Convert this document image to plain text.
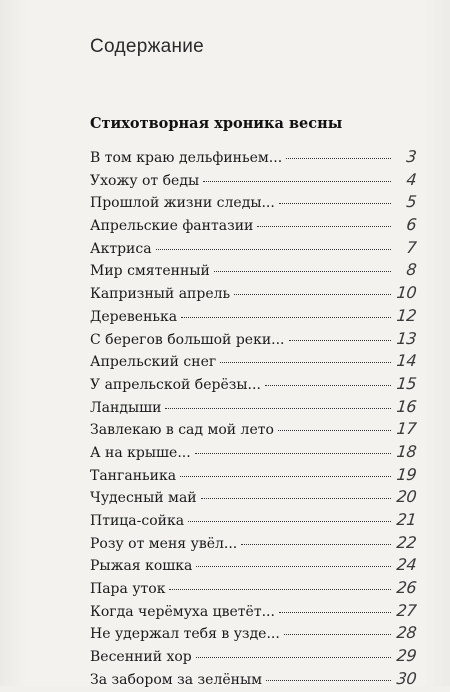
Содержание
Стихотворная хроника весны
В том краю дельфиньем...	3
Ухожу от беды	4
Прошлой жизни следы...	5
Апрельские фантазии	6
Актриса	7
Мир смятенный	8
Капризный апрель	10
Деревенька	12
С берегов большой реки...	13
Апрельский снег	14
У апрельской берёзы...	15
Ландыши	16
Завлекаю в сад мой лето	17
А на крыше...	18
Танганьика	19
Чудесный май	20
Птица-сойка	21
Розу от меня увёл...	22
Рыжая кошка	24
Пара уток	26
Когда черёмуха цветёт...	27
Не удержал тебя в узде...	28
Весенний хор	29
За забором за зелёным	30
